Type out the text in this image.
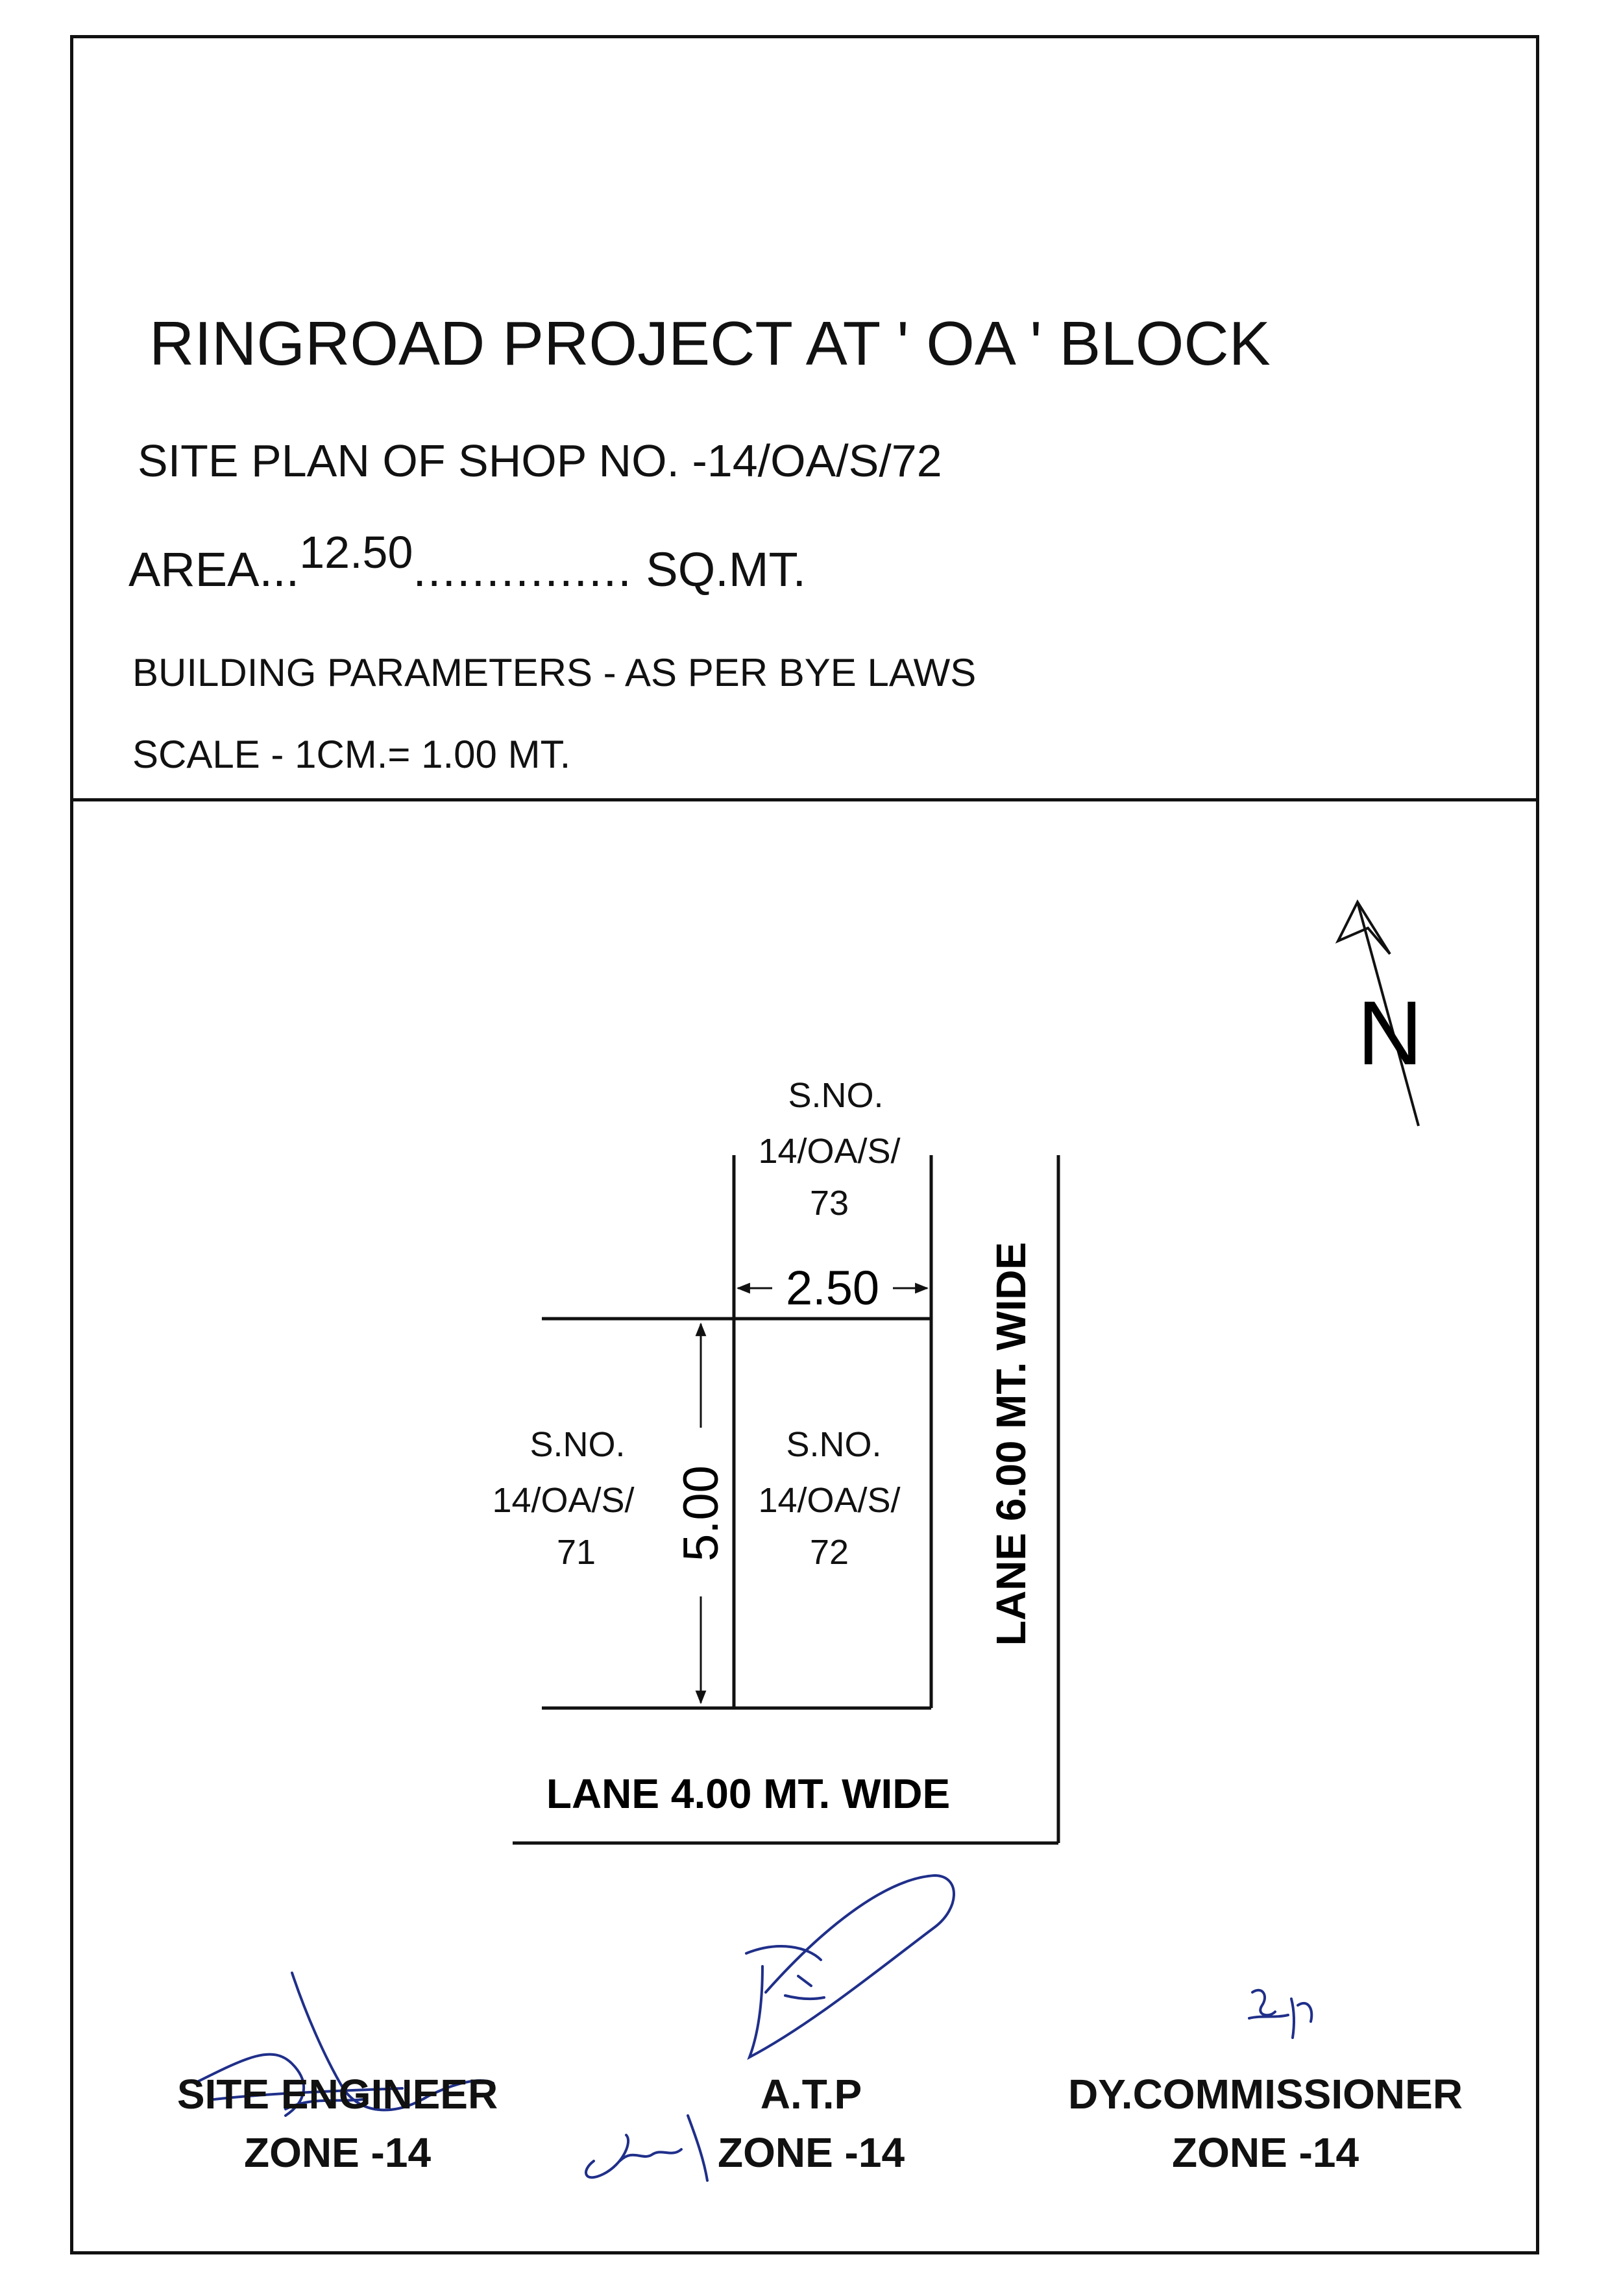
RINGROAD PROJECT AT ' OA ' BLOCK
SITE PLAN OF SHOP NO. -14/OA/S/72
AREA...12.50............... SQ.MT.
BUILDING PARAMETERS - AS PER BYE LAWS
SCALE - 1CM.= 1.00 MT.
N
2.50
5.00
S.NO.
14/OA/S/
73
S.NO.
14/OA/S/
71
S.NO.
14/OA/S/
72
LANE 4.00 MT. WIDE
LANE 6.00 MT. WIDE
SITE ENGINEER
ZONE -14
A.T.P
ZONE -14
DY.COMMISSIONER
ZONE -14
